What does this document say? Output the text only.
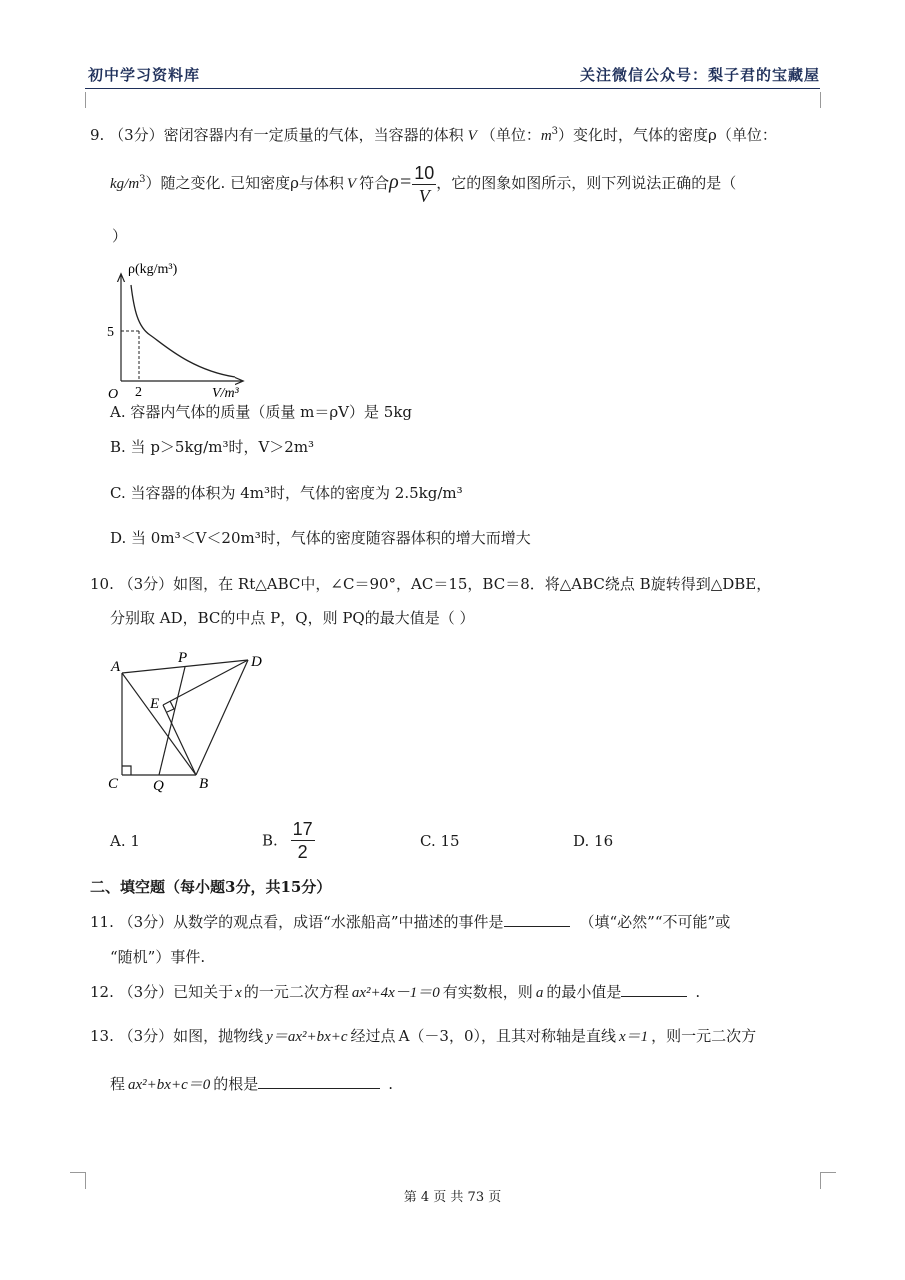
初中学习资料库	关注微信公众号：梨子君的宝藏屋
9. （3分）密闭容器内有一定质量的气体，当容器的体积 V （单位：$m^3$）变化时，气体的密度ρ（单位：
$kg/m^3$）随之变化. 已知密度ρ与体积 V 符合$\rho= \frac{10}{V}$ ，它的图象如图所示，则下列说法正确的是（
）
ρ(kg/m³)
V/m³
O
5
2
A. 容器内气体的质量（质量 m＝ρV）是 5kg
B. 当 p＞5kg/m³时，V＞2m³
C. 当容器的体积为 4m³时，气体的密度为 2.5kg/m³
D. 当 0m³＜V＜20m³时，气体的密度随容器体积的增大而增大
10. （3分）如图，在 Rt△ABC中，∠C＝90°，AC＝15，BC＝8．将△ABC绕点 B旋转得到△DBE，
分别取 AD，BC的中点 P，Q，则 PQ的最大值是（ ）
A
P	D
E
C Q B
A. 1	B. $\frac{17}{2}$	C. 15	D. 16
二、填空题（每小题3分，共15分）
11. （3分）从数学的观点看，成语“水涨船高”中描述的事件是	（填“必然”“不可能”或
“随机”）事件.
12. （3分）已知关于 x 的一元二次方程 ax²+4x－1＝0 有实数根，则 a 的最小值是	.
13. （3分）如图，抛物线 y＝ax²+bx+c 经过点 A（－3，0），且其对称轴是直线 x＝1 ，则一元二次方
程 ax²+bx+c＝0 的根是	.
第 4 页 共 73 页
